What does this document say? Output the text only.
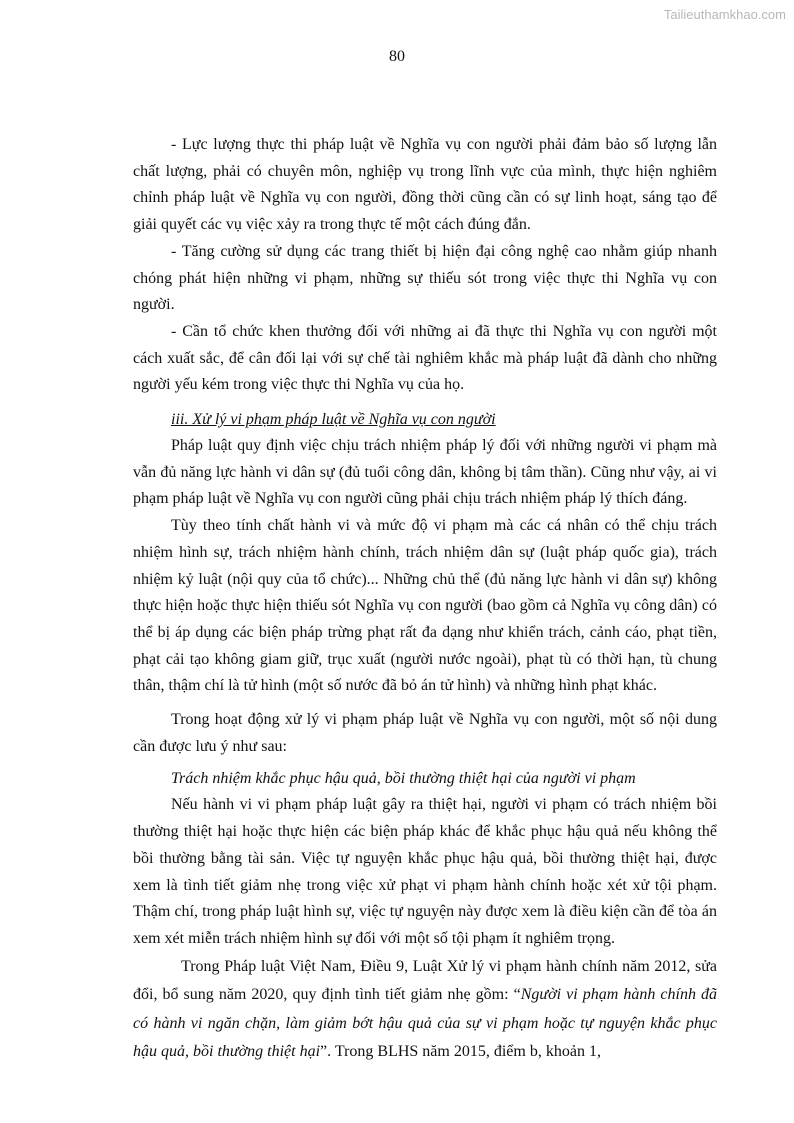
Tailieuthamkhao.com
80

- Lực lượng thực thi pháp luật về Nghĩa vụ con người phải đảm bảo số lượng lẫn chất lượng, phải có chuyên môn, nghiệp vụ trong lĩnh vực của mình, thực hiện nghiêm chỉnh pháp luật về Nghĩa vụ con người, đồng thời cũng cần có sự linh hoạt, sáng tạo để giải quyết các vụ việc xảy ra trong thực tế một cách đúng đắn.

- Tăng cường sử dụng các trang thiết bị hiện đại công nghệ cao nhằm giúp nhanh chóng phát hiện những vi phạm, những sự thiếu sót trong việc thực thi Nghĩa vụ con người.

- Cần tổ chức khen thưởng đối với những ai đã thực thi Nghĩa vụ con người một cách xuất sắc, để cân đối lại với sự chế tài nghiêm khắc mà pháp luật đã dành cho những người yếu kém trong việc thực thi Nghĩa vụ của họ.

iii. Xử lý vi phạm pháp luật về Nghĩa vụ con người

Pháp luật quy định việc chịu trách nhiệm pháp lý đối với những người vi phạm mà vẫn đủ năng lực hành vi dân sự (đủ tuổi công dân, không bị tâm thần). Cũng như vậy, ai vi phạm pháp luật về Nghĩa vụ con người cũng phải chịu trách nhiệm pháp lý thích đáng.

Tùy theo tính chất hành vi và mức độ vi phạm mà các cá nhân có thể chịu trách nhiệm hình sự, trách nhiệm hành chính, trách nhiệm dân sự (luật pháp quốc gia), trách nhiệm kỷ luật (nội quy của tổ chức)... Những chủ thể (đủ năng lực hành vi dân sự) không thực hiện hoặc thực hiện thiếu sót Nghĩa vụ con người (bao gồm cả Nghĩa vụ công dân) có thể bị áp dụng các biện pháp trừng phạt rất đa dạng như khiển trách, cảnh cáo, phạt tiền, phạt cải tạo không giam giữ, trục xuất (người nước ngoài), phạt tù có thời hạn, tù chung thân, thậm chí là tử hình (một số nước đã bỏ án tử hình) và những hình phạt khác.

Trong hoạt động xử lý vi phạm pháp luật về Nghĩa vụ con người, một số nội dung cần được lưu ý như sau:

Trách nhiệm khắc phục hậu quả, bồi thường thiệt hại của người vi phạm

Nếu hành vi vi phạm pháp luật gây ra thiệt hại, người vi phạm có trách nhiệm bồi thường thiệt hại hoặc thực hiện các biện pháp khác để khắc phục hậu quả nếu không thể bồi thường bằng tài sản. Việc tự nguyện khắc phục hậu quả, bồi thường thiệt hại, được xem là tình tiết giảm nhẹ trong việc xử phạt vi phạm hành chính hoặc xét xử tội phạm. Thậm chí, trong pháp luật hình sự, việc tự nguyện này được xem là điều kiện cần để tòa án xem xét miễn trách nhiệm hình sự đối với một số tội phạm ít nghiêm trọng.

Trong Pháp luật Việt Nam, Điều 9, Luật Xử lý vi phạm hành chính năm 2012, sửa đổi, bổ sung năm 2020, quy định tình tiết giảm nhẹ gồm: “Người vi phạm hành chính đã có hành vi ngăn chặn, làm giảm bớt hậu quả của sự vi phạm hoặc tự nguyện khắc phục hậu quả, bồi thường thiệt hại”. Trong BLHS năm 2015, điểm b, khoản 1,
